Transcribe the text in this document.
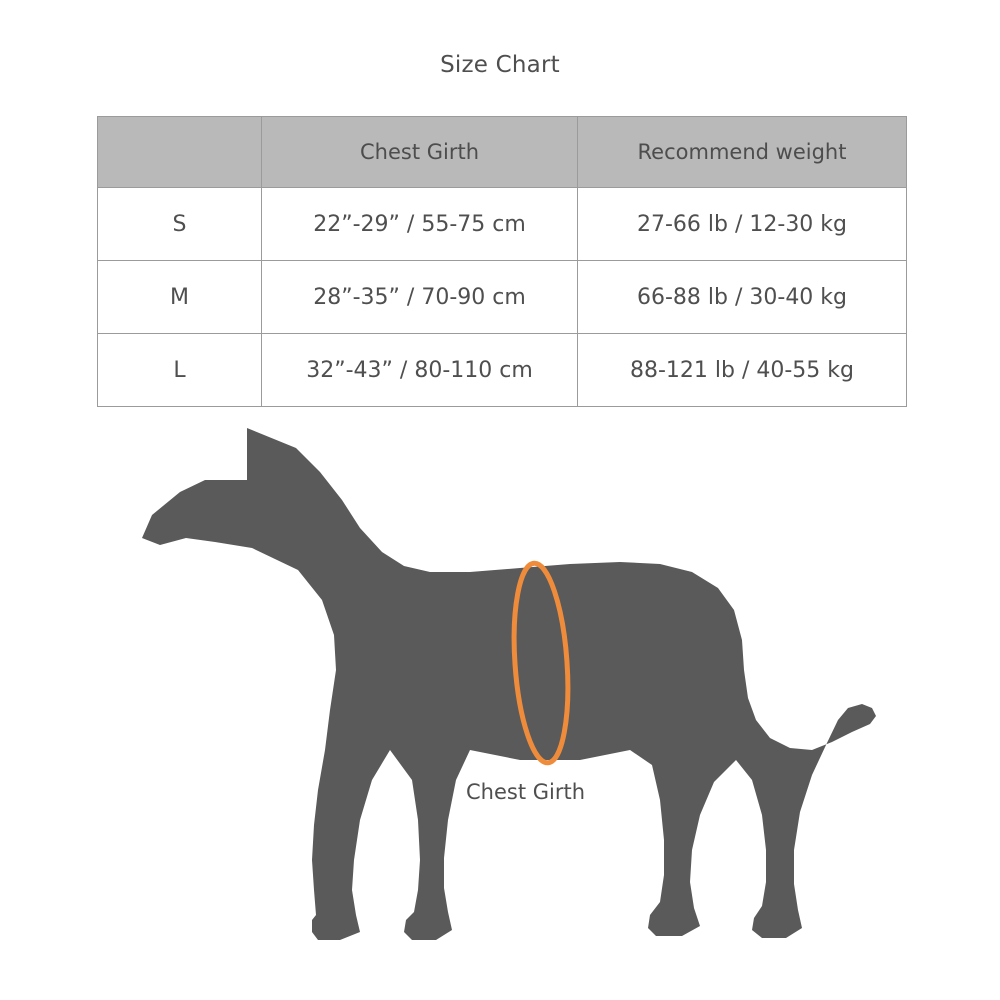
Size Chart
	Chest Girth	Recommend weight
S	22”-29” / 55-75 cm	27-66 lb / 12-30 kg
M	28”-35” / 70-90 cm	66-88 lb / 30-40 kg
L	32”-43” / 80-110 cm	88-121 lb / 40-55 kg
Chest Girth
